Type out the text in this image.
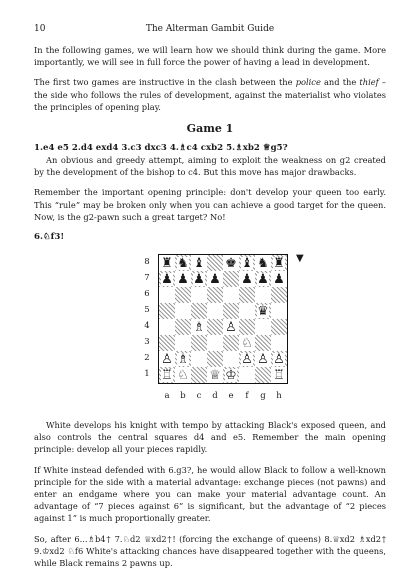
10	The Alterman Gambit Guide

In the following games, we will learn how we should think during the game. More importantly, we will see in full force the power of having a lead in development.

The first two games are instructive in the clash between the police and the thief – the side who follows the rules of development, against the materialist who violates the principles of opening play.

Game 1

1.e4 e5 2.d4 exd4 3.c3 dxc3 4.♗c4 cxb2 5.♗xb2 ♕g5?

An obvious and greedy attempt, aiming to exploit the weakness on g2 created by the development of the bishop to c4. But this move has major drawbacks.

Remember the important opening principle: don't develop your queen too early. This “rule” may be broken only when you can achieve a good target for the queen. Now, is the g2-pawn such a great target? No!

6.♘f3!

8
7
6
5
4
3
2
1
♜ ♞ ♝ ♚ ♝ ♞ ♜
♟ ♟ ♟ ♟ ♟ ♟ ♟
♛
♗ ♙
♘
♙ ♗	♙ ♙ ♙
♖ ♘ ♕ ♔	♖
a	b	c	d	e	f	g	h
▼

White develops his knight with tempo by attacking Black's exposed queen, and also controls the central squares d4 and e5. Remember the main opening principle: develop all your pieces rapidly.

If White instead defended with 6.g3?, he would allow Black to follow a well-known principle for the side with a material advantage: exchange pieces (not pawns) and enter an endgame where you can make your material advantage count. An advantage of “7 pieces against 6” is significant, but the advantage of “2 pieces against 1” is much proportionally greater.

So, after 6...♗b4† 7.♘d2 ♕xd2†! (forcing the exchange of queens) 8.♕xd2 ♗xd2† 9.♔xd2 ♘f6 White's attacking chances have disappeared together with the queens, while Black remains 2 pawns up.
